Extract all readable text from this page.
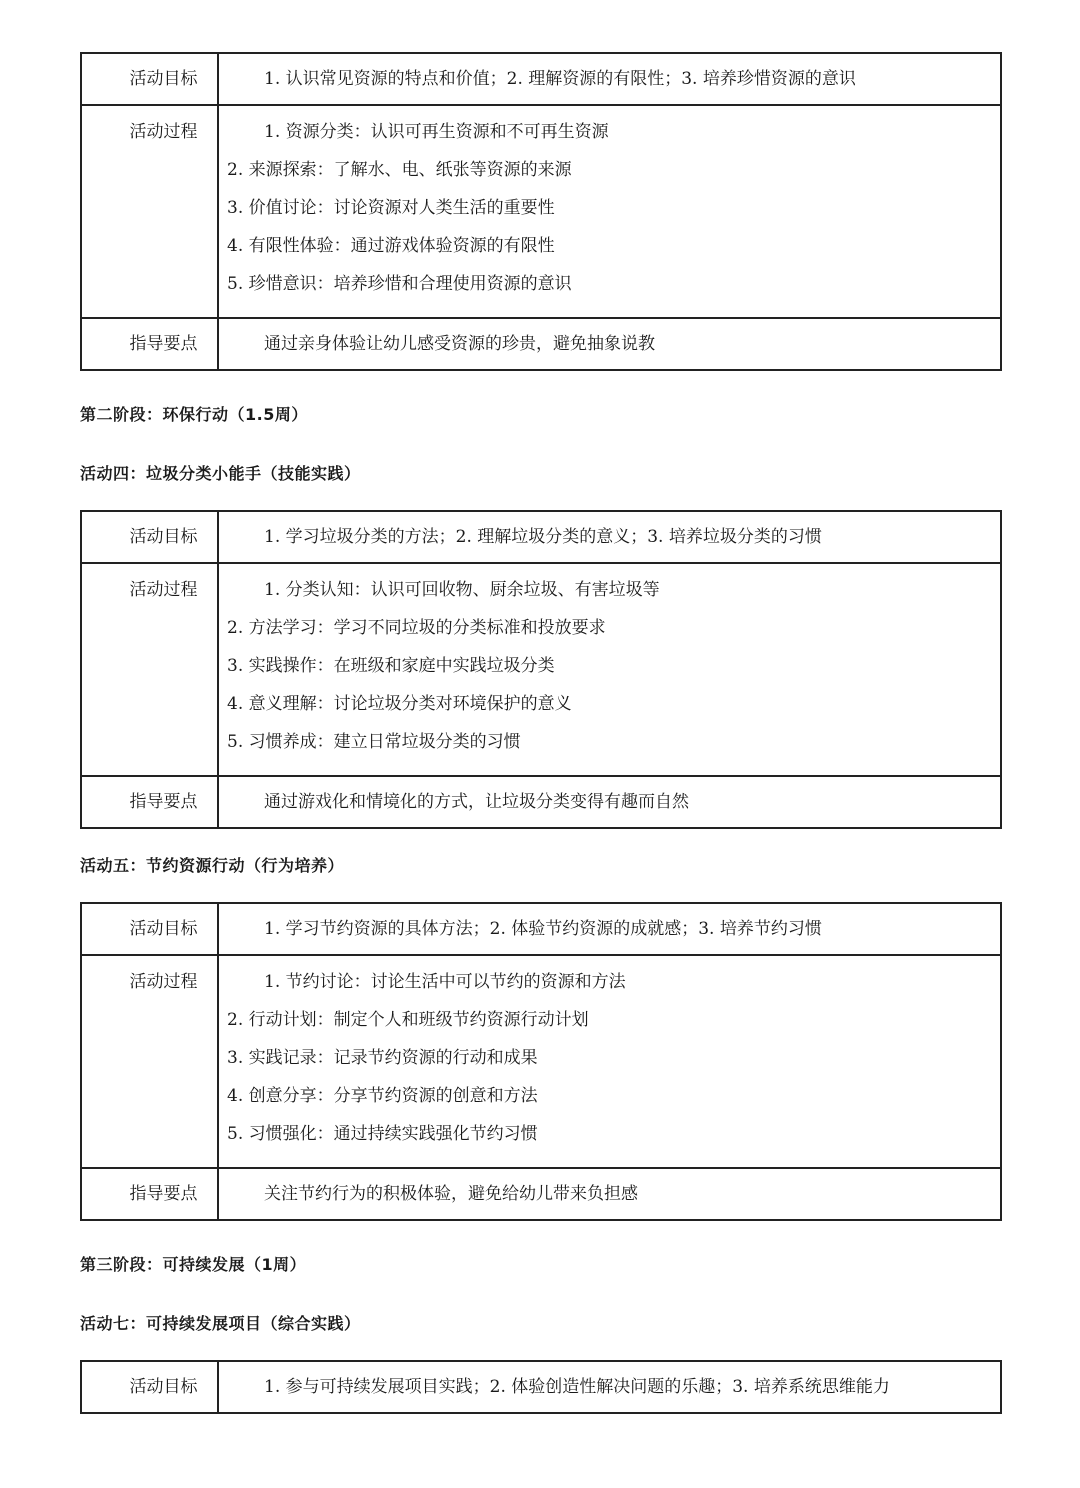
活动目标	1. 认识常见资源的特点和价值；2. 理解资源的有限性；3. 培养珍惜资源的意识
活动过程	1. 资源分类：认识可再生资源和不可再生资源
2. 来源探索：了解水、电、纸张等资源的来源
3. 价值讨论：讨论资源对人类生活的重要性
4. 有限性体验：通过游戏体验资源的有限性
5. 珍惜意识：培养珍惜和合理使用资源的意识
指导要点	通过亲身体验让幼儿感受资源的珍贵，避免抽象说教
第二阶段：环保行动（1.5周）
活动四：垃圾分类小能手（技能实践）
活动目标	1. 学习垃圾分类的方法；2. 理解垃圾分类的意义；3. 培养垃圾分类的习惯
活动过程	1. 分类认知：认识可回收物、厨余垃圾、有害垃圾等
2. 方法学习：学习不同垃圾的分类标准和投放要求
3. 实践操作：在班级和家庭中实践垃圾分类
4. 意义理解：讨论垃圾分类对环境保护的意义
5. 习惯养成：建立日常垃圾分类的习惯
指导要点	通过游戏化和情境化的方式，让垃圾分类变得有趣而自然
活动五：节约资源行动（行为培养）
活动目标	1. 学习节约资源的具体方法；2. 体验节约资源的成就感；3. 培养节约习惯
活动过程	1. 节约讨论：讨论生活中可以节约的资源和方法
2. 行动计划：制定个人和班级节约资源行动计划
3. 实践记录：记录节约资源的行动和成果
4. 创意分享：分享节约资源的创意和方法
5. 习惯强化：通过持续实践强化节约习惯
指导要点	关注节约行为的积极体验，避免给幼儿带来负担感
第三阶段：可持续发展（1周）
活动七：可持续发展项目（综合实践）
活动目标	1. 参与可持续发展项目实践；2. 体验创造性解决问题的乐趣；3. 培养系统思维能力
